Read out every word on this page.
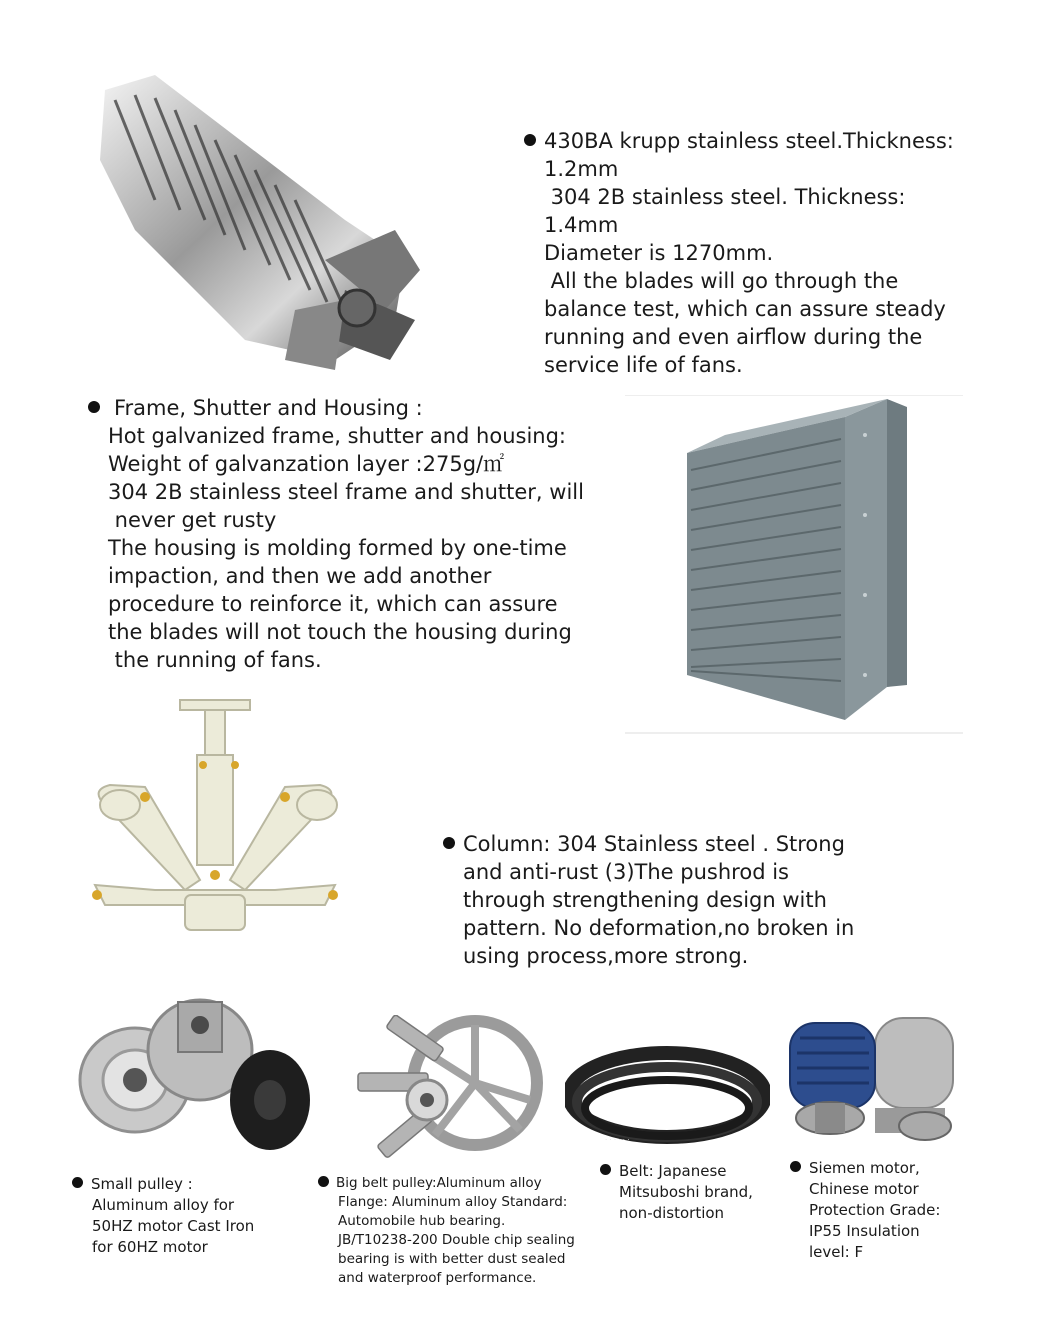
430BA krupp stainless steel.Thickness:
1.2mm
304 2B stainless steel. Thickness:
1.4mm
Diameter is 1270mm.
All the blades will go through the
balance test, which can assure steady
running and even airflow during the
service life of fans.
Frame, Shutter and Housing :
Hot galvanized frame, shutter and housing:
Weight of galvanzation layer :275g/㎡
304 2B stainless steel frame and shutter, will
never get rusty
The housing is molding formed by one-time
impaction, and then we add another
procedure to reinforce it, which can assure
the blades will not touch the housing during
the running of fans.
Column: 304 Stainless steel . Strong
and anti-rust (3)The pushrod is
through strengthening design with
pattern. No deformation,no broken in
using process,more strong.
· · · · · ·
Small pulley :
Aluminum alloy for
50HZ motor Cast Iron
for 60HZ motor
Big belt pulley:Aluminum alloy
Flange: Aluminum alloy Standard:
Automobile hub bearing.
JB/T10238-200 Double chip sealing
bearing is with better dust sealed
and waterproof performance.
Belt: Japanese
Mitsuboshi brand,
non-distortion
Siemen motor,
Chinese motor
Protection Grade:
IP55 Insulation
level: F
